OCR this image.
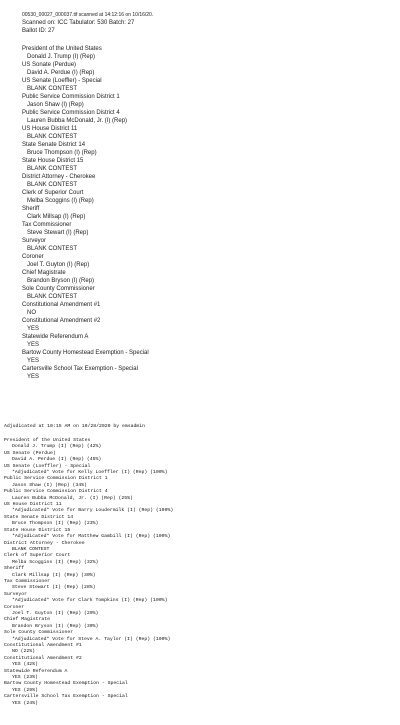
00530_00027_000037.tif scanned at 14:12:16 on 10/16/20.
Scanned on: ICC Tabulator: 530 Batch: 27
Ballot ID: 27
President of the United States
Donald J. Trump (I) (Rep)
US Sonate (Perdue)
David A. Perdue (I) (Rep)
US Senate (Loeffler) - Special
BLANK CONTEST
Public Service Commission District 1
Jason Shaw (I) (Rep)
Public Service Commission District 4
Lauren Bubba McDonald, Jr. (I) (Rep)
US House District 11
BLANK CONTEST
State Senate District 14
Bruce Thompson (I) (Rep)
State House District 15
BLANK CONTEST
District Attorney - Cherokee
BLANK CONTEST
Clerk of Superior Court
Melba Scoggins (I) (Rep)
Sheriff
Clark Millsap (I) (Rep)
Tax Commissioner
Steve Stewart (I) (Rep)
Surveyor
BLANK CONTEST
Coroner
Joel T. Guyton (I) (Rep)
Chief Magistrate
Brandon Bryson (I) (Rep)
Sole County Commissioner
BLANK CONTEST
Constitutional Amendment #1
NO
Constitutional Amendment #2
YES
Statewide Referendum A
YES
Bartow County Homestead Exemption - Special
YES
Cartersville School Tax Exemption - Special
YES
Adjudicated at 10:15 AM on 10/28/2020 by emsadmin
President of the United States
Donald J. Trump (I) (Rep) (42%)
US Senate (Perdue)
David A. Perdue (I) (Rep) (45%)
US Senate (Loeffler) - Special
*Adjudicated* Vote for Kelly Loeffler (I) (Rep) (100%)
Public Service Commission District 1
Jason Shaw (I) (Rep) (34%)
Public Service Commission District 4
Lauren Bubba McDonald, Jr. (I) (Rep) (25%)
US House District 11
*Adjudicated* Vote for Barry Loudermilk (I) (Rep) (100%)
State Senate District 14
Bruce Thompson (I) (Rep) (23%)
State House District 15
*Adjudicated* Vote for Matthew Gambill (I) (Rep) (100%)
District Attorney - Cherokee
BLANK CONTEST
Clerk of Superior Court
Melba Scoggins (I) (Rep) (32%)
Sheriff
Clark Millsap (I) (Rep) (30%)
Tax Commissioner
Steve Stewart (I) (Rep) (28%)
Surveyor
*Adjudicated* Vote for Clark Tompkins (I) (Rep) (100%)
Coroner
Joel T. Guyton (I) (Rep) (29%)
Chief Magistrate
Brandon Bryson (I) (Rep) (30%)
Sole County Commissioner
*Adjudicated* Vote for Steve A. Taylor (I) (Rep) (100%)
Constitutional Amendment #1
NO (22%)
Constitutional Amendment #2
YES (42%)
Statewide Referendum A
YES (23%)
Bartow County Homestead Exemption - Special
YES (29%)
Cartersville School Tax Exemption - Special
YES (24%)
